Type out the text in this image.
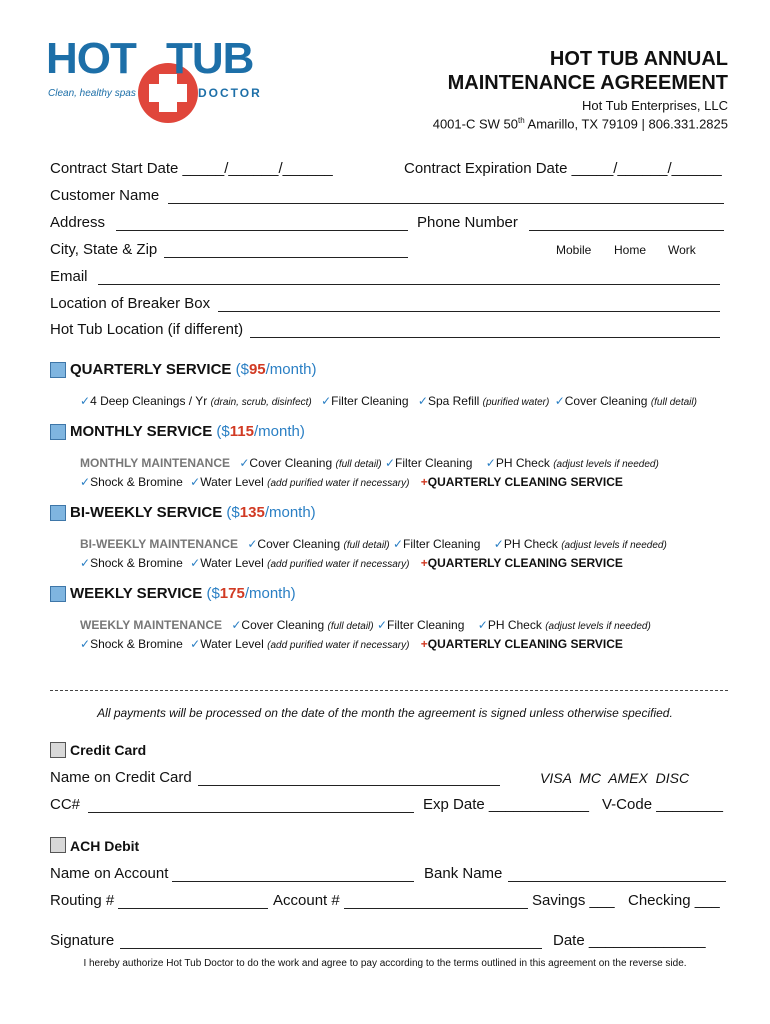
HOT TUB
Clean, healthy spas	DOCTOR
HOT TUB ANNUAL
MAINTENANCE AGREEMENT
Hot Tub Enterprises, LLC
4001-C SW 50th Amarillo, TX 79109 | 806.331.2825
Contract Start Date _____/______/______	Contract Expiration Date _____/______/______
Customer Name
Address	Phone Number
City, State & Zip	Mobile Home Work
Email
Location of Breaker Box
Hot Tub Location (if different)
QUARTERLY SERVICE ($95/month)
✓4 Deep Cleanings / Yr (drain, scrub, disinfect) ✓Filter Cleaning ✓Spa Refill (purified water) ✓Cover Cleaning (full detail)
MONTHLY SERVICE ($115/month)
MONTHLY MAINTENANCE ✓Cover Cleaning (full detail) ✓Filter Cleaning ✓PH Check (adjust levels if needed)
✓Shock & Bromine ✓Water Level (add purified water if necessary) +QUARTERLY CLEANING SERVICE
BI-WEEKLY SERVICE ($135/month)
BI-WEEKLY MAINTENANCE ✓Cover Cleaning (full detail) ✓Filter Cleaning ✓PH Check (adjust levels if needed)
✓Shock & Bromine ✓Water Level (add purified water if necessary) +QUARTERLY CLEANING SERVICE
WEEKLY SERVICE ($175/month)
WEEKLY MAINTENANCE ✓Cover Cleaning (full detail) ✓Filter Cleaning ✓PH Check (adjust levels if needed)
✓Shock & Bromine ✓Water Level (add purified water if necessary) +QUARTERLY CLEANING SERVICE
All payments will be processed on the date of the month the agreement is signed unless otherwise specified.
Credit Card
Name on Credit Card	VISA  MC  AMEX  DISC
CC#	Exp Date ____________ V-Code ________
ACH Debit
Name on Account	Bank Name
Routing #	Account #	Savings ___ Checking ___
Signature	Date ______________
I hereby authorize Hot Tub Doctor to do the work and agree to pay according to the terms outlined in this agreement on the reverse side.
